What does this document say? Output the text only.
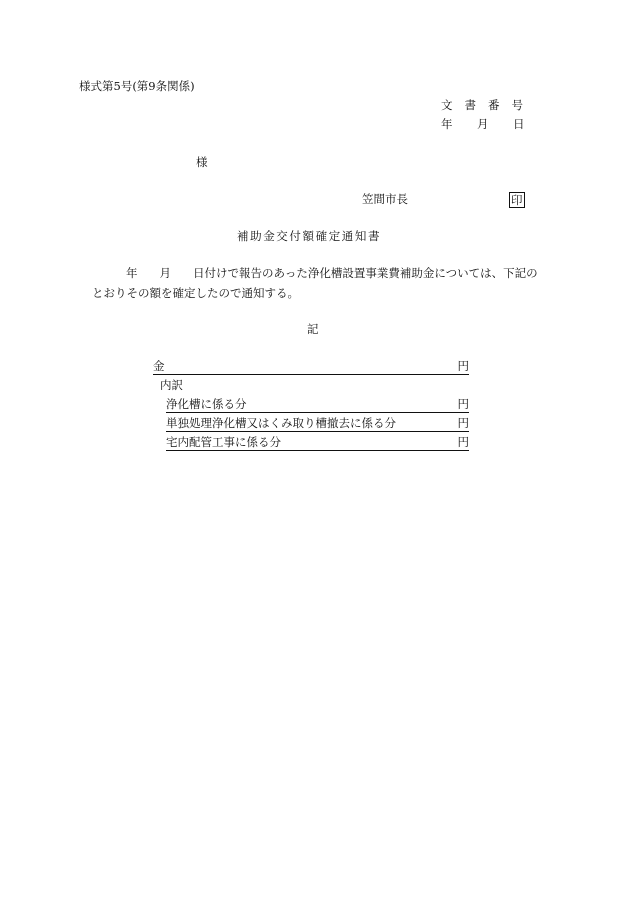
様式第5号(第9条関係)
文 書 番 号
年 月 日
様
笠間市長	印
補助金交付額確定通知書
年 月 日付けで報告のあった浄化槽設置事業費補助金については、下記の
とおりその額を確定したので通知する。
記
金	円
内訳
浄化槽に係る分	円
単独処理浄化槽又はくみ取り槽撤去に係る分	円
宅内配管工事に係る分	円
